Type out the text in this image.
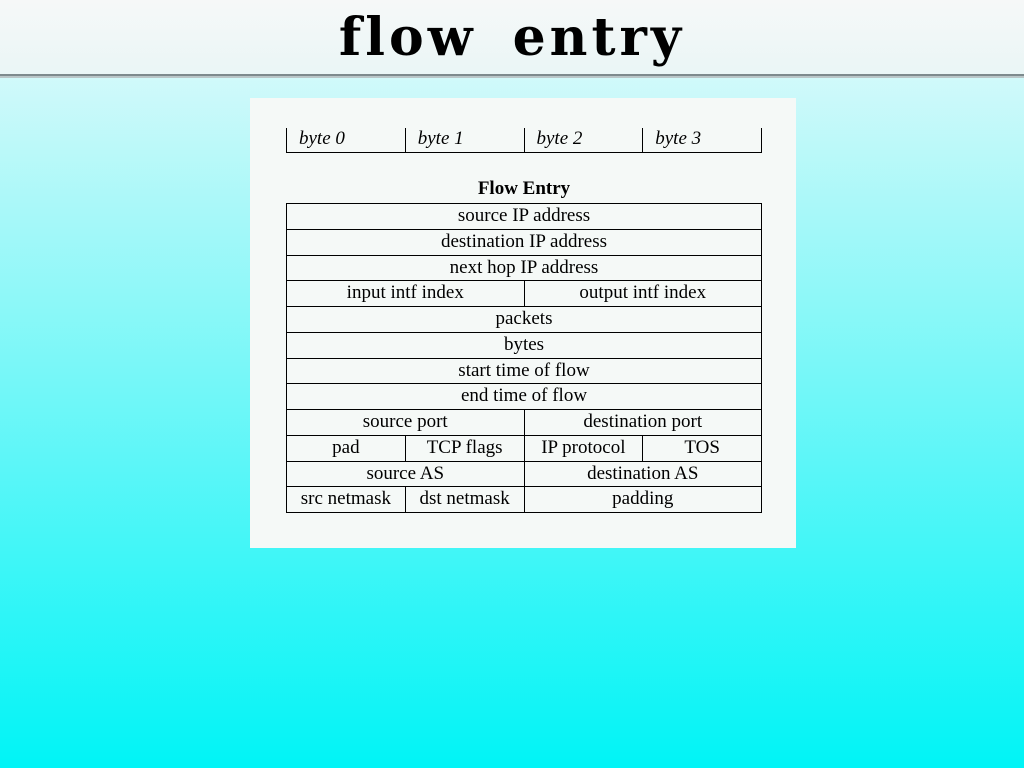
flow entry
byte 0	byte 1	byte 2	byte 3
Flow Entry
source IP address
destination IP address
next hop IP address
input intf index	output intf index
packets
bytes
start time of flow
end time of flow
source port	destination port
pad	TCP flags	IP protocol	TOS
source AS	destination AS
src netmask	dst netmask	padding
